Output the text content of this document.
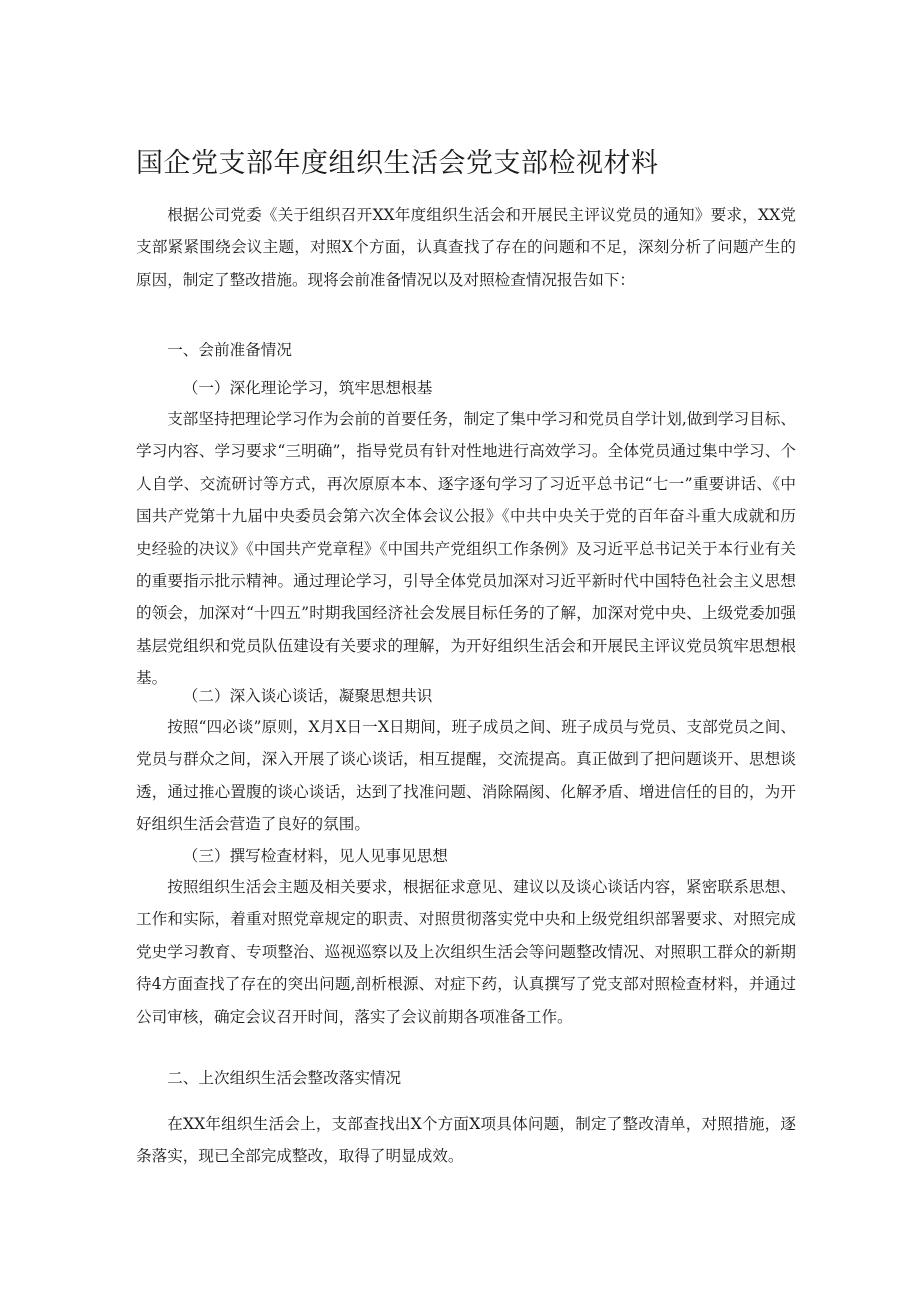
国企党支部年度组织生活会党支部检视材料

根据公司党委《关于组织召开XX年度组织生活会和开展民主评议党员的通知》要求，XX党支部紧紧围绕会议主题，对照X个方面，认真查找了存在的问题和不足，深刻分析了问题产生的原因，制定了整改措施。现将会前准备情况以及对照检查情况报告如下：

一、会前准备情况

（一）深化理论学习，筑牢思想根基

支部坚持把理论学习作为会前的首要任务，制定了集中学习和党员自学计划,做到学习目标、学习内容、学习要求“三明确”，指导党员有针对性地进行高效学习。全体党员通过集中学习、个人自学、交流研讨等方式，再次原原本本、逐字逐句学习了习近平总书记“七一”重要讲话、《中国共产党第十九届中央委员会第六次全体会议公报》《中共中央关于党的百年奋斗重大成就和历史经验的决议》《中国共产党章程》《中国共产党组织工作条例》及习近平总书记关于本行业有关的重要指示批示精神。通过理论学习，引导全体党员加深对习近平新时代中国特色社会主义思想的领会，加深对“十四五”时期我国经济社会发展目标任务的了解，加深对党中央、上级党委加强基层党组织和党员队伍建设有关要求的理解，为开好组织生活会和开展民主评议党员筑牢思想根基。

（二）深入谈心谈话，凝聚思想共识

按照“四必谈”原则，X月X日一X日期间，班子成员之间、班子成员与党员、支部党员之间、党员与群众之间，深入开展了谈心谈话，相互提醒，交流提高。真正做到了把问题谈开、思想谈透，通过推心置腹的谈心谈话，达到了找准问题、消除隔阂、化解矛盾、增进信任的目的，为开好组织生活会营造了良好的氛围。

（三）撰写检查材料，见人见事见思想

按照组织生活会主题及相关要求，根据征求意见、建议以及谈心谈话内容，紧密联系思想、工作和实际，着重对照党章规定的职责、对照贯彻落实党中央和上级党组织部署要求、对照完成党史学习教育、专项整治、巡视巡察以及上次组织生活会等问题整改情况、对照职工群众的新期待4方面查找了存在的突出问题,剖析根源、对症下药，认真撰写了党支部对照检查材料，并通过公司审核，确定会议召开时间，落实了会议前期各项准备工作。

二、上次组织生活会整改落实情况

在XX年组织生活会上，支部查找出X个方面X项具体问题，制定了整改清单，对照措施，逐条落实，现已全部完成整改，取得了明显成效。
